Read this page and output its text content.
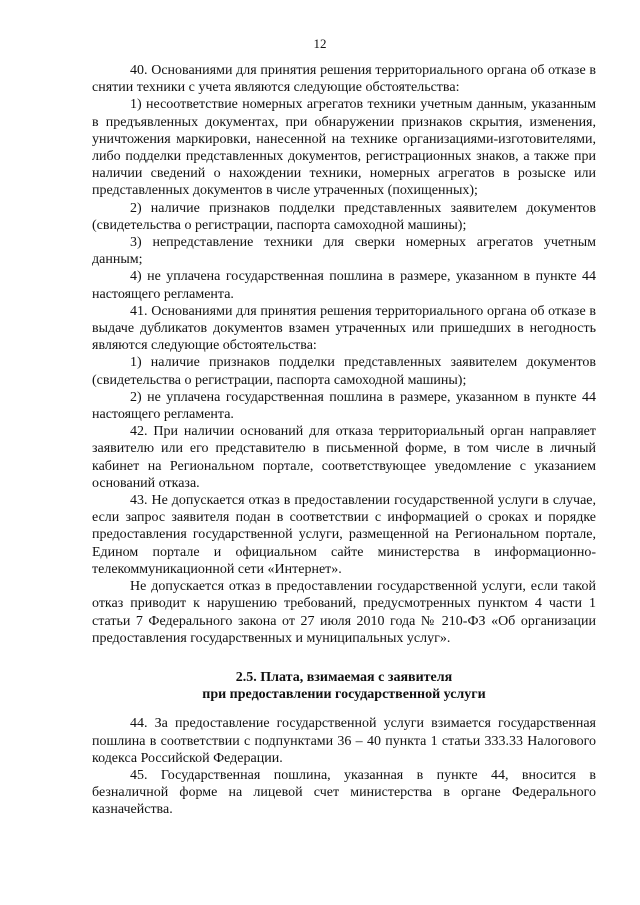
12

40. Основаниями для принятия решения территориального органа об отказе в снятии техники с учета являются следующие обстоятельства:

1) несоответствие номерных агрегатов техники учетным данным, указанным в предъявленных документах, при обнаружении признаков скрытия, изменения, уничтожения маркировки, нанесенной на технике организациями-изготовителями, либо подделки представленных документов, регистрационных знаков, а также при наличии сведений о нахождении техники, номерных агрегатов в розыске или представленных документов в числе утраченных (похищенных);

2) наличие признаков подделки представленных заявителем документов (свидетельства о регистрации, паспорта самоходной машины);

3) непредставление техники для сверки номерных агрегатов учетным данным;

4) не уплачена государственная пошлина в размере, указанном в пункте 44 настоящего регламента.

41. Основаниями для принятия решения территориального органа об отказе в выдаче дубликатов документов взамен утраченных или пришедших в негодность являются следующие обстоятельства:

1) наличие признаков подделки представленных заявителем документов (свидетельства о регистрации, паспорта самоходной машины);

2) не уплачена государственная пошлина в размере, указанном в пункте 44 настоящего регламента.

42. При наличии оснований для отказа территориальный орган направляет заявителю или его представителю в письменной форме, в том числе в личный кабинет на Региональном портале, соответствующее уведомление с указанием оснований отказа.

43. Не допускается отказ в предоставлении государственной услуги в случае, если запрос заявителя подан в соответствии с информацией о сроках и порядке предоставления государственной услуги, размещенной на Региональном портале, Едином портале и официальном сайте министерства в информационно-телекоммуникационной сети «Интернет».

Не допускается отказ в предоставлении государственной услуги, если такой отказ приводит к нарушению требований, предусмотренных пунктом 4 части 1 статьи 7 Федерального закона от 27 июля 2010 года № 210-ФЗ «Об организации предоставления государственных и муниципальных услуг».

2.5. Плата, взимаемая с заявителя
при предоставлении государственной услуги

44. За предоставление государственной услуги взимается государственная пошлина в соответствии с подпунктами 36 – 40 пункта 1 статьи 333.33 Налогового кодекса Российской Федерации.

45. Государственная пошлина, указанная в пункте 44, вносится в безналичной форме на лицевой счет министерства в органе Федерального казначейства.
